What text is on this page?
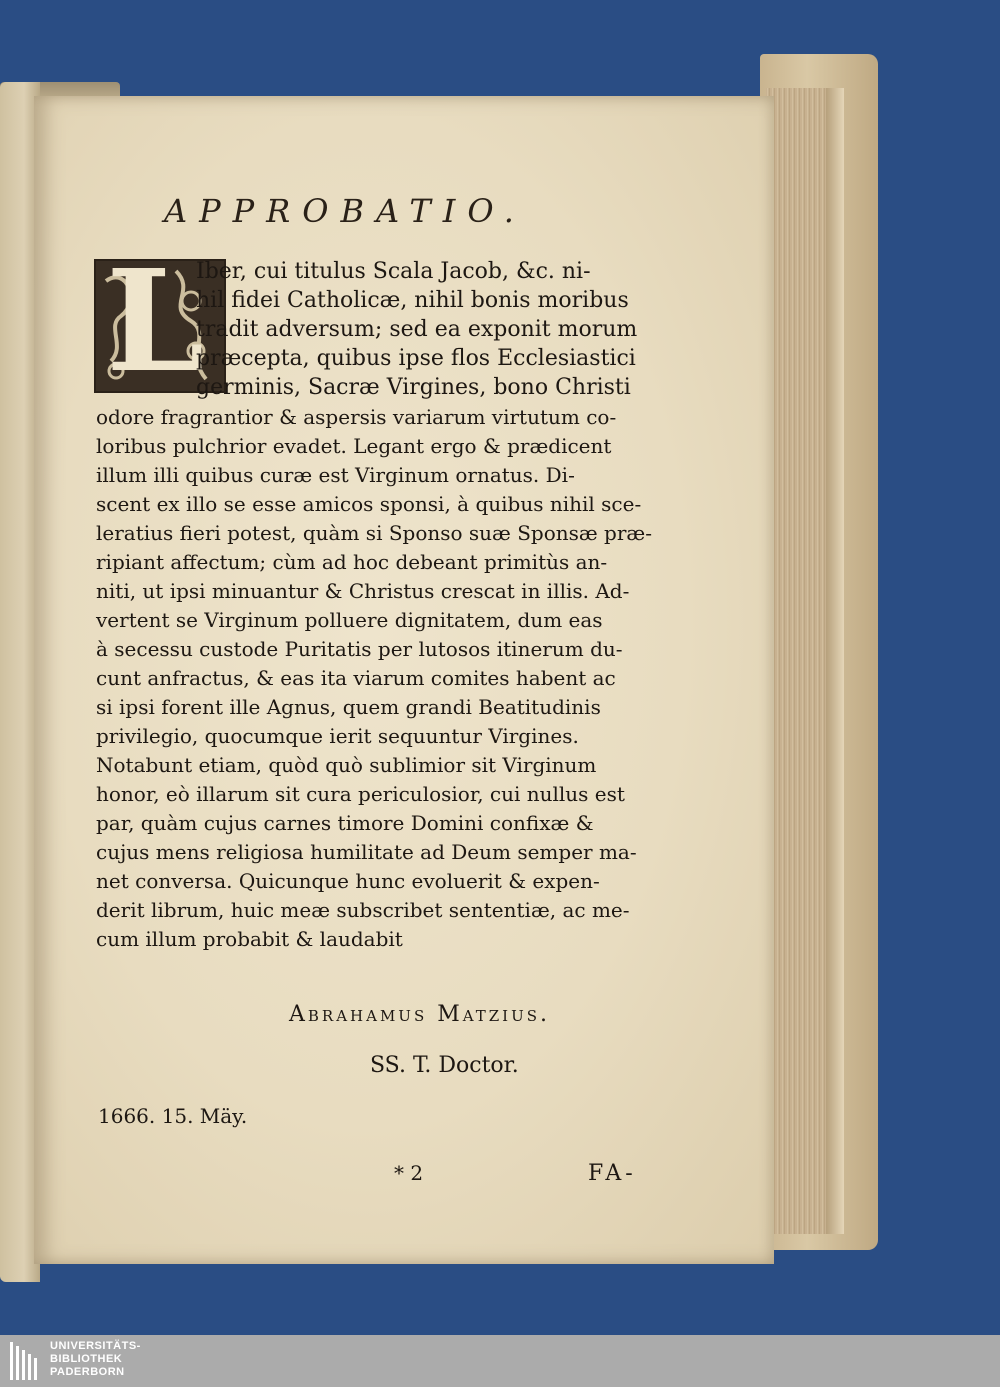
APPROBATIO.
L
Iber, cui titulus Scala Jacob, &c. ni-
hil fidei Catholicæ, nihil bonis moribus
tradit adversum; sed ea exponit morum
præcepta, quibus ipse flos Ecclesiastici
germinis, Sacræ Virgines, bono Christi
odore fragrantior & aspersis variarum virtutum co-
loribus pulchrior evadet. Legant ergo & prædicent
illum illi quibus curæ est Virginum ornatus. Di-
scent ex illo se esse amicos sponsi, à quibus nihil sce-
leratius fieri potest, quàm si Sponso suæ Sponsæ præ-
ripiant affectum; cùm ad hoc debeant primitùs an-
niti, ut ipsi minuantur & Christus crescat in illis. Ad-
vertent se Virginum polluere dignitatem, dum eas
à secessu custode Puritatis per lutosos itinerum du-
cunt anfractus, & eas ita viarum comites habent ac
si ipsi forent ille Agnus, quem grandi Beatitudinis
privilegio, quocumque ierit sequuntur Virgines.
Notabunt etiam, quòd quò sublimior sit Virginum
honor, eò illarum sit cura periculosior, cui nullus est
par, quàm cujus carnes timore Domini confixæ &
cujus mens religiosa humilitate ad Deum semper ma-
net conversa. Quicunque hunc evoluerit & expen-
derit librum, huic meæ subscribet sententiæ, ac me-
cum illum probabit & laudabit
Abrahamus Matzius.
SS. T. Doctor.
1666. 15. Mäy.
* 2	FA-
UNIVERSITÄTS-
BIBLIOTHEK
PADERBORN
